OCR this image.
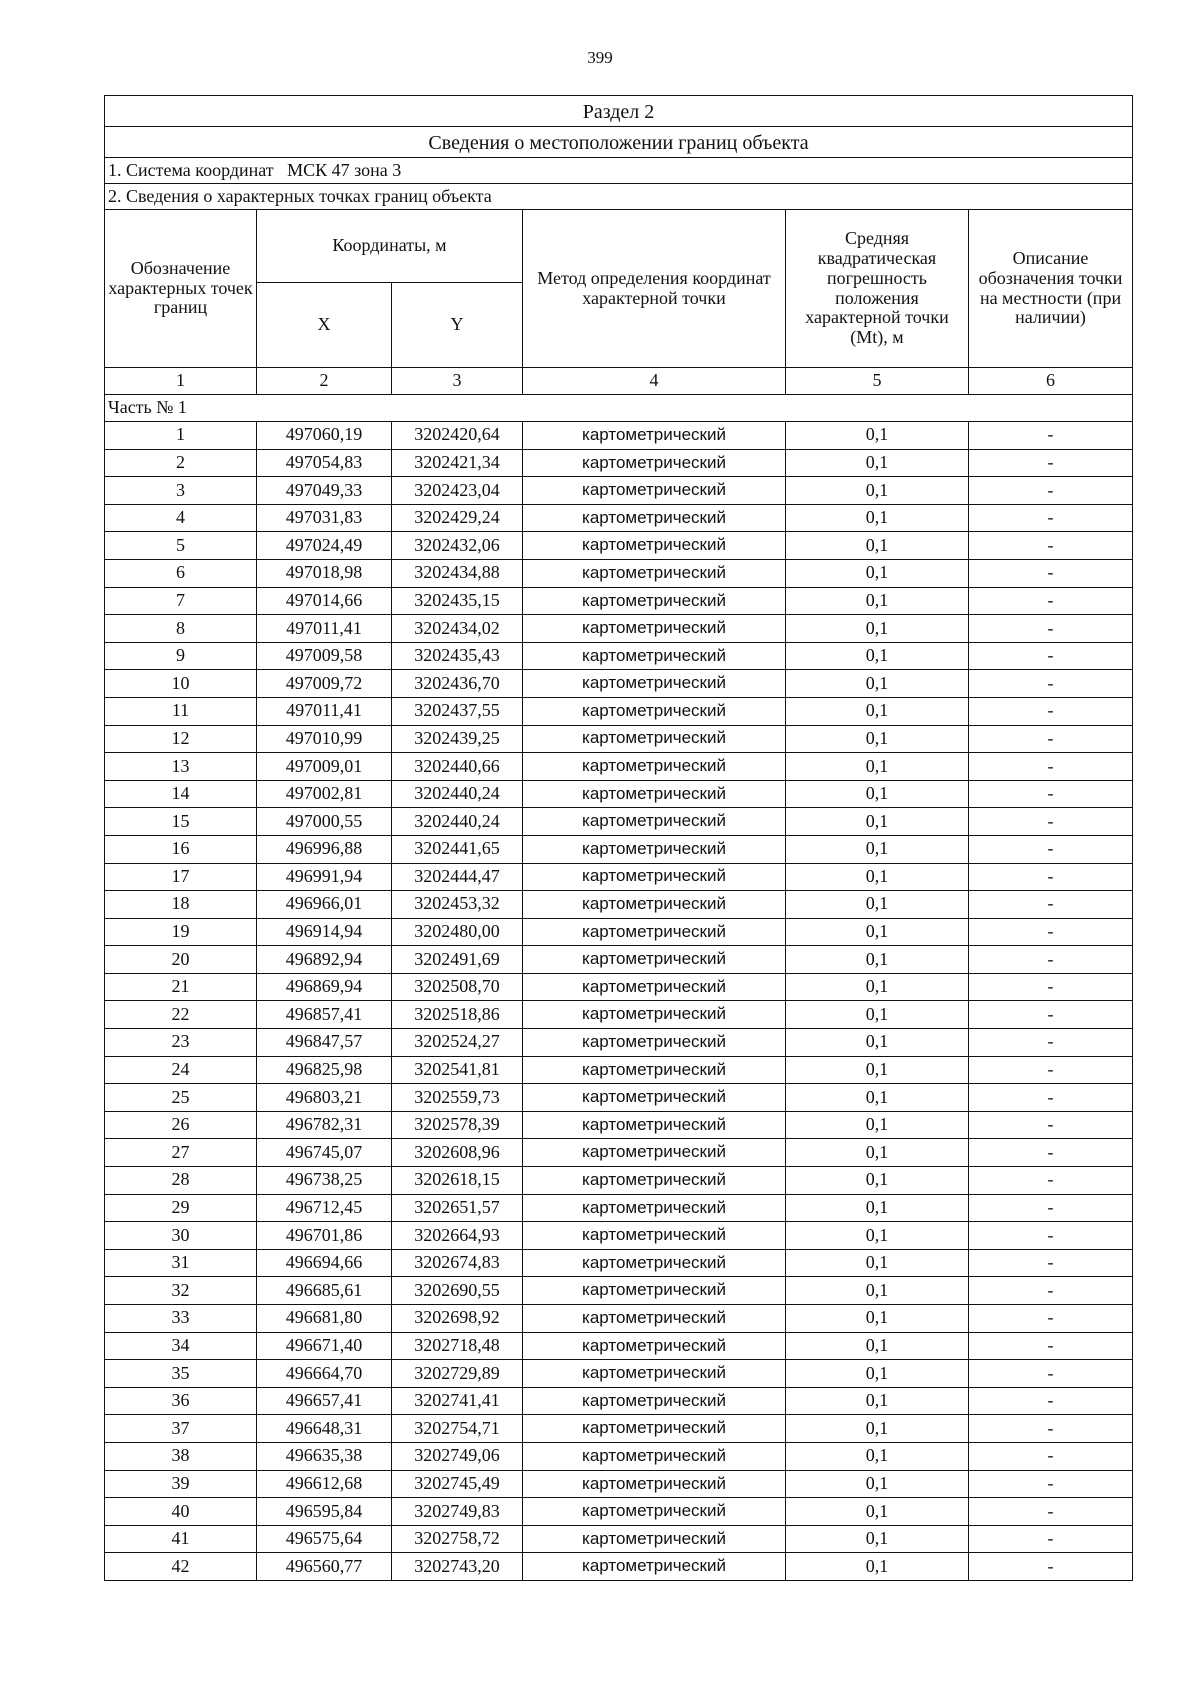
399
Раздел 2					
Сведения о местоположении границ объекта					
1. Система координат   МСК 47 зона 3					
2. Сведения о характерных точках границ объекта					
Обозначение характерных точек границ	Координаты, м		Метод определения координат характерной точки	Средняя квадратическая погрешность положения характерной точки (Mt), м	Описание обозначения точки на местности (при наличии)
	X	Y			
1	2	3	4	5	6
Часть № 1					
1	497060,19	3202420,64	картометрический	0,1	-
2	497054,83	3202421,34	картометрический	0,1	-
3	497049,33	3202423,04	картометрический	0,1	-
4	497031,83	3202429,24	картометрический	0,1	-
5	497024,49	3202432,06	картометрический	0,1	-
6	497018,98	3202434,88	картометрический	0,1	-
7	497014,66	3202435,15	картометрический	0,1	-
8	497011,41	3202434,02	картометрический	0,1	-
9	497009,58	3202435,43	картометрический	0,1	-
10	497009,72	3202436,70	картометрический	0,1	-
11	497011,41	3202437,55	картометрический	0,1	-
12	497010,99	3202439,25	картометрический	0,1	-
13	497009,01	3202440,66	картометрический	0,1	-
14	497002,81	3202440,24	картометрический	0,1	-
15	497000,55	3202440,24	картометрический	0,1	-
16	496996,88	3202441,65	картометрический	0,1	-
17	496991,94	3202444,47	картометрический	0,1	-
18	496966,01	3202453,32	картометрический	0,1	-
19	496914,94	3202480,00	картометрический	0,1	-
20	496892,94	3202491,69	картометрический	0,1	-
21	496869,94	3202508,70	картометрический	0,1	-
22	496857,41	3202518,86	картометрический	0,1	-
23	496847,57	3202524,27	картометрический	0,1	-
24	496825,98	3202541,81	картометрический	0,1	-
25	496803,21	3202559,73	картометрический	0,1	-
26	496782,31	3202578,39	картометрический	0,1	-
27	496745,07	3202608,96	картометрический	0,1	-
28	496738,25	3202618,15	картометрический	0,1	-
29	496712,45	3202651,57	картометрический	0,1	-
30	496701,86	3202664,93	картометрический	0,1	-
31	496694,66	3202674,83	картометрический	0,1	-
32	496685,61	3202690,55	картометрический	0,1	-
33	496681,80	3202698,92	картометрический	0,1	-
34	496671,40	3202718,48	картометрический	0,1	-
35	496664,70	3202729,89	картометрический	0,1	-
36	496657,41	3202741,41	картометрический	0,1	-
37	496648,31	3202754,71	картометрический	0,1	-
38	496635,38	3202749,06	картометрический	0,1	-
39	496612,68	3202745,49	картометрический	0,1	-
40	496595,84	3202749,83	картометрический	0,1	-
41	496575,64	3202758,72	картометрический	0,1	-
42	496560,77	3202743,20	картометрический	0,1	-
